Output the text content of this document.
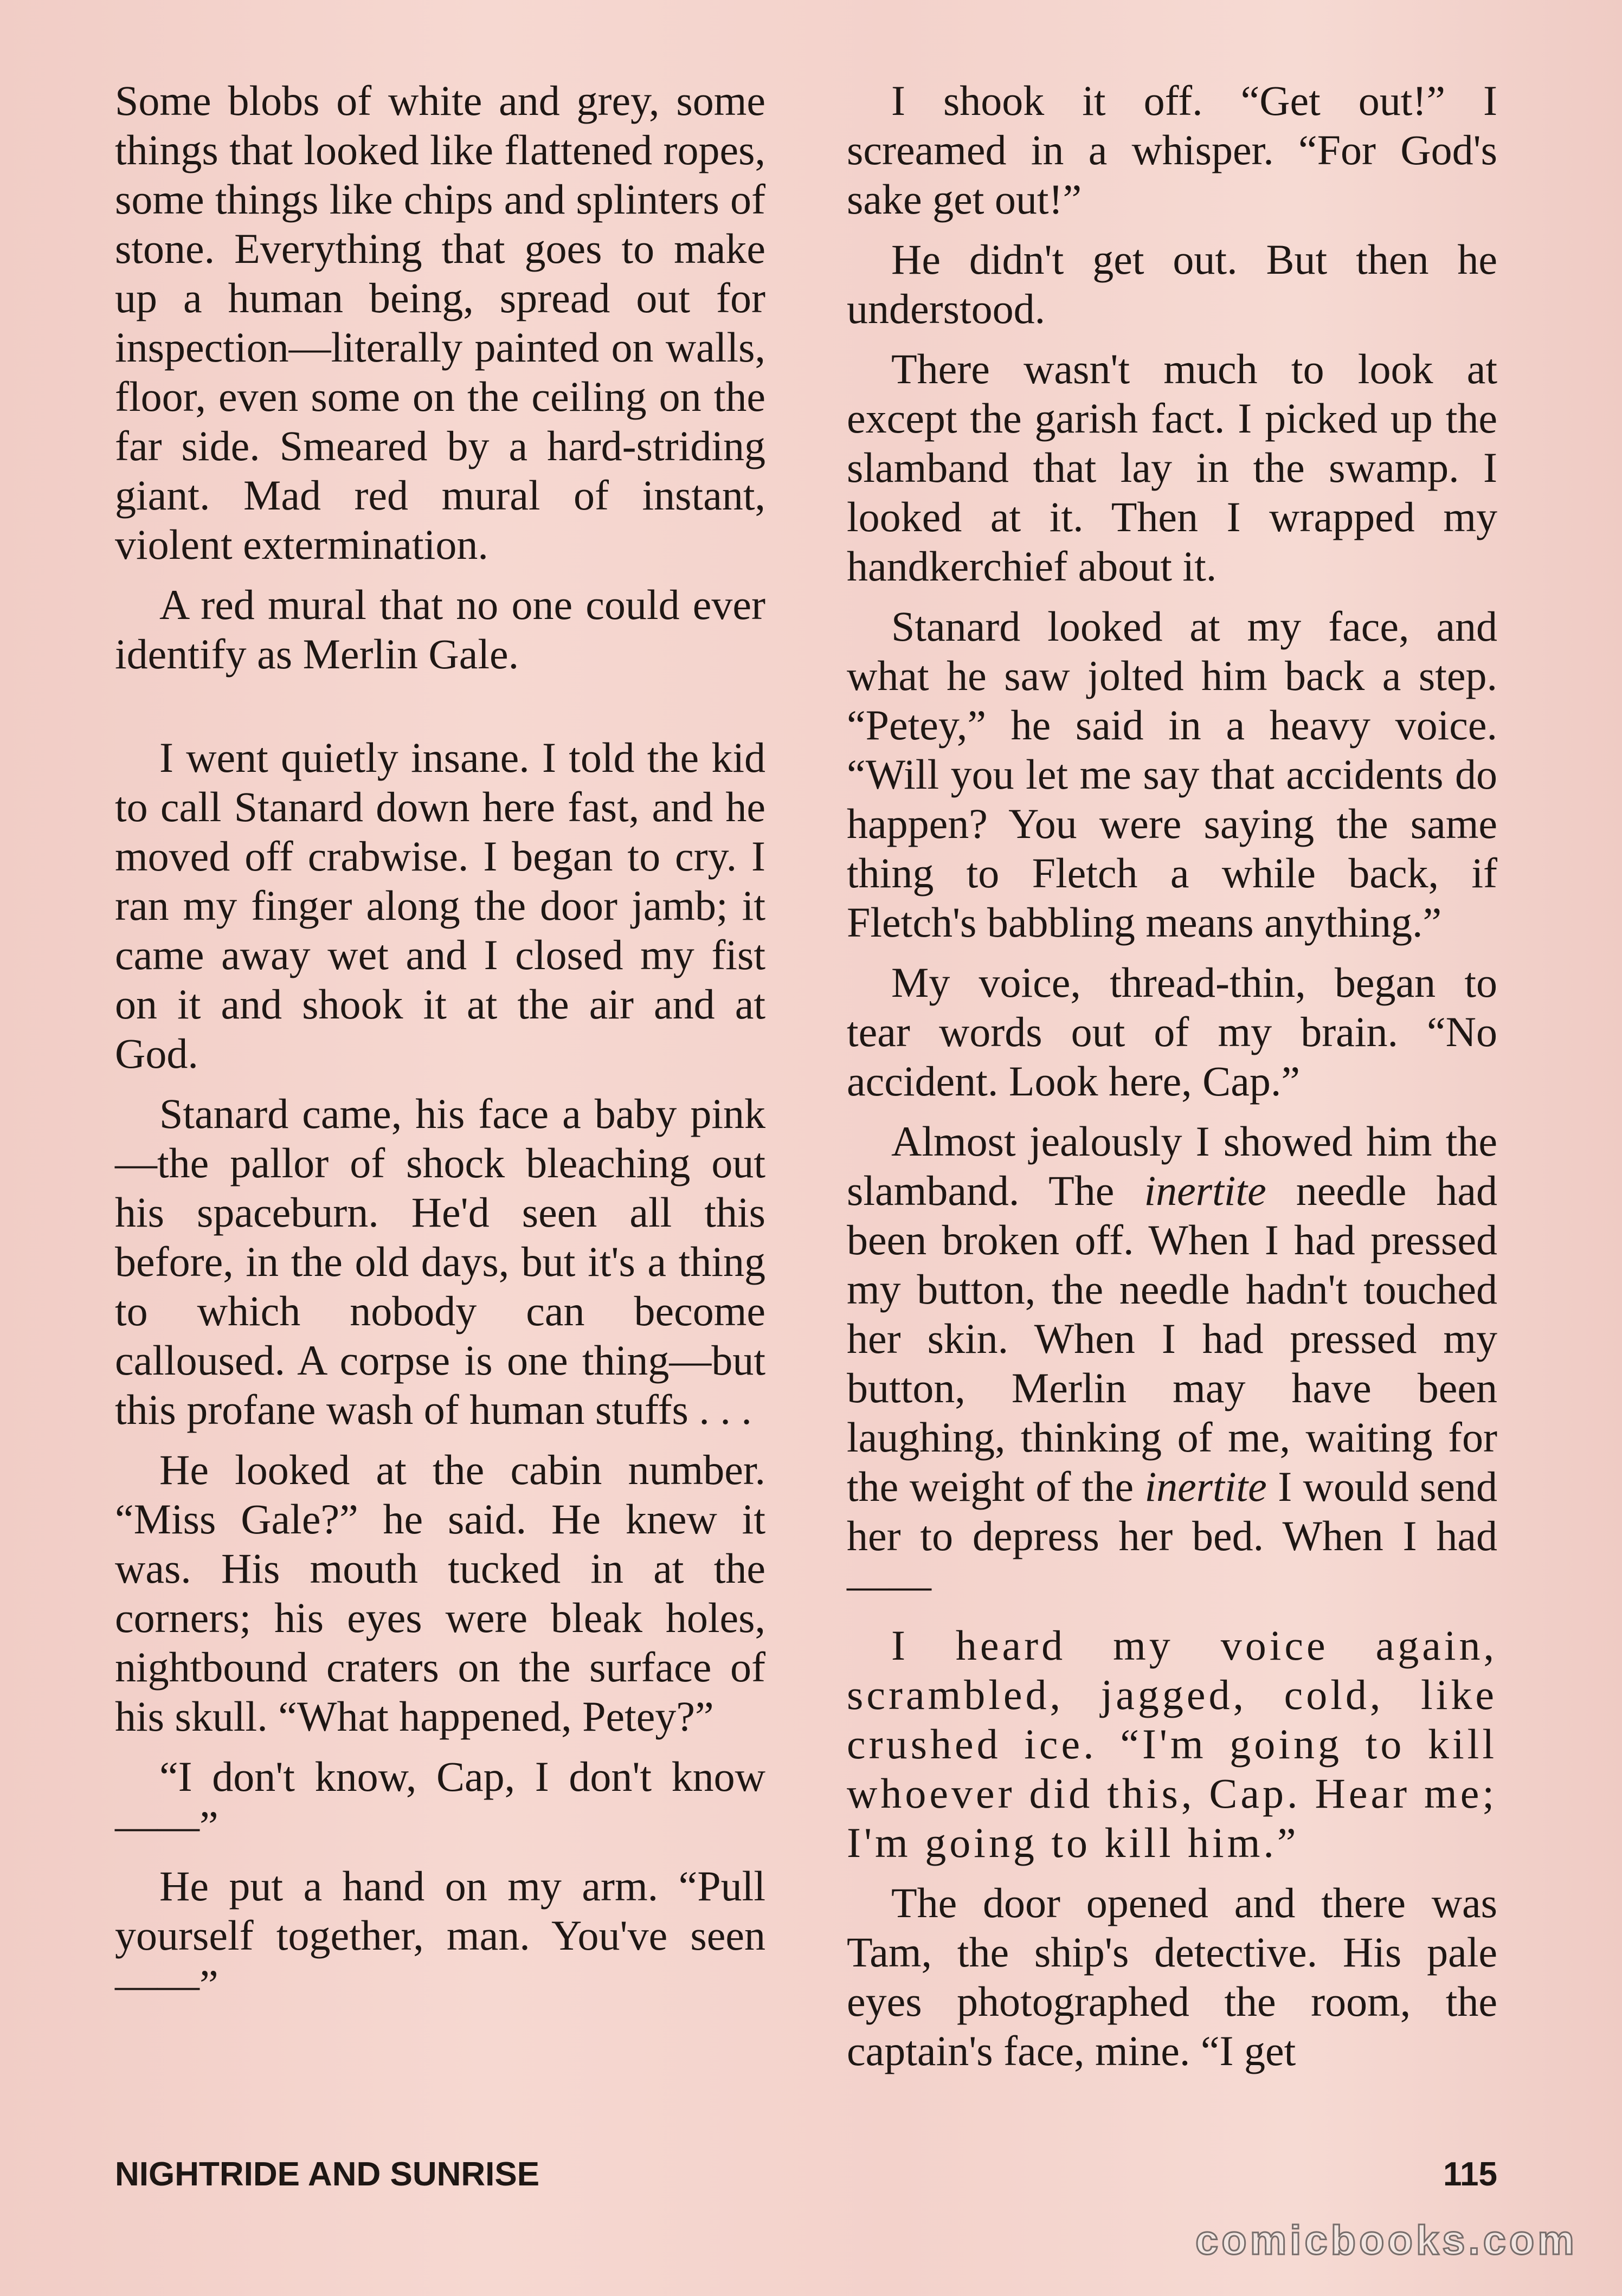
Some blobs of white and grey, some things that looked like flattened ropes, some things like chips and splinters of stone. Everything that goes to make up a human being, spread out for inspection—literally painted on walls, floor, even some on the ceiling on the far side. Smeared by a hard-striding giant. Mad red mural of instant, violent extermination.

A red mural that no one could ever identify as Merlin Gale.

I went quietly insane. I told the kid to call Stanard down here fast, and he moved off crabwise. I began to cry. I ran my finger along the door jamb; it came away wet and I closed my fist on it and shook it at the air and at God.

Stanard came, his face a baby pink—the pallor of shock bleaching out his spaceburn. He'd seen all this before, in the old days, but it's a thing to which nobody can become calloused. A corpse is one thing—but this profane wash of human stuffs . . .

He looked at the cabin number. “Miss Gale?” he said. He knew it was. His mouth tucked in at the corners; his eyes were bleak holes, nightbound craters on the surface of his skull. “What happened, Petey?”

“I don't know, Cap, I don't know——”

He put a hand on my arm. “Pull yourself together, man. You've seen——”

I shook it off. “Get out!” I screamed in a whisper. “For God's sake get out!”

He didn't get out. But then he understood.

There wasn't much to look at except the garish fact. I picked up the slamband that lay in the swamp. I looked at it. Then I wrapped my handkerchief about it.

Stanard looked at my face, and what he saw jolted him back a step. “Petey,” he said in a heavy voice. “Will you let me say that accidents do happen? You were saying the same thing to Fletch a while back, if Fletch's babbling means anything.”

My voice, thread-thin, began to tear words out of my brain. “No accident. Look here, Cap.”

Almost jealously I showed him the slamband. The inertite needle had been broken off. When I had pressed my button, the needle hadn't touched her skin. When I had pressed my button, Merlin may have been laughing, thinking of me, waiting for the weight of the inertite I would send her to depress her bed. When I had——

I heard my voice again, scrambled, jagged, cold, like crushed ice. “I'm going to kill whoever did this, Cap. Hear me; I'm going to kill him.”

The door opened and there was Tam, the ship's detective. His pale eyes photographed the room, the captain's face, mine. “I get

NIGHTRIDE AND SUNRISE	115
comicbooks.com
